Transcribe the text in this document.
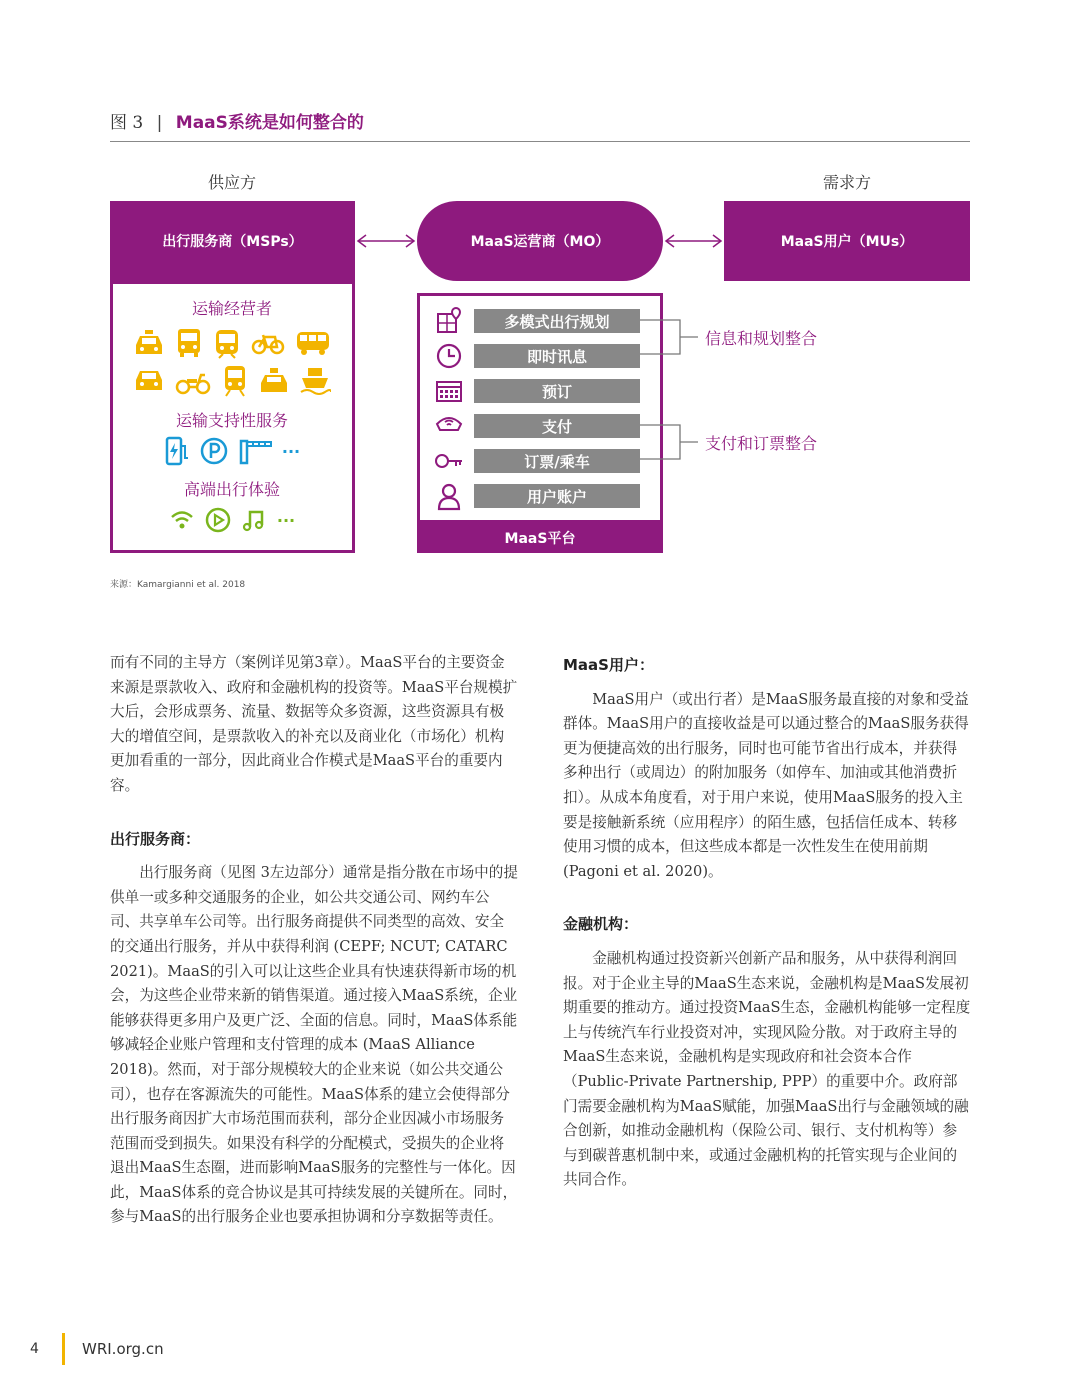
图 3 | MaaS系统是如何整合的
供应方	需求方
出行服务商（MSPs）	MaaS运营商（MO）	MaaS用户（MUs）
运输经营者
运输支持性服务
···
高端出行体验
···
MaaS平台
多模式出行规划
即时讯息
预订
支付
订票/乘车
用户账户
信息和规划整合
支付和订票整合
来源：Kamargianni et al. 2018

而有不同的主导方（案例详见第3章）。MaaS平台的主要资金来源是票款收入、政府和金融机构的投资等。MaaS平台规模扩大后，会形成票务、流量、数据等众多资源，这些资源具有极大的增值空间，是票款收入的补充以及商业化（市场化）机构更加看重的一部分，因此商业合作模式是MaaS平台的重要内容。

出行服务商：

出行服务商（见图 3左边部分）通常是指分散在市场中的提供单一或多种交通服务的企业，如公共交通公司、网约车公司、共享单车公司等。出行服务商提供不同类型的高效、安全的交通出行服务，并从中获得利润 (CEPF; NCUT; CATARC 2021)。MaaS的引入可以让这些企业具有快速获得新市场的机会，为这些企业带来新的销售渠道。通过接入MaaS系统，企业能够获得更多用户及更广泛、全面的信息。同时，MaaS体系能够减轻企业账户管理和支付管理的成本 (MaaS Alliance 2018)。然而，对于部分规模较大的企业来说（如公共交通公司），也存在客源流失的可能性。MaaS体系的建立会使得部分出行服务商因扩大市场范围而获利，部分企业因减小市场服务范围而受到损失。如果没有科学的分配模式，受损失的企业将退出MaaS生态圈，进而影响MaaS服务的完整性与一体化。因此，MaaS体系的竞合协议是其可持续发展的关键所在。同时，参与MaaS的出行服务企业也要承担协调和分享数据等责任。

MaaS用户：

MaaS用户（或出行者）是MaaS服务最直接的对象和受益群体。MaaS用户的直接收益是可以通过整合的MaaS服务获得更为便捷高效的出行服务，同时也可能节省出行成本，并获得多种出行（或周边）的附加服务（如停车、加油或其他消费折扣）。从成本角度看，对于用户来说，使用MaaS服务的投入主要是接触新系统（应用程序）的陌生感，包括信任成本、转移使用习惯的成本，但这些成本都是一次性发生在使用前期 (Pagoni et al. 2020)。

金融机构：

金融机构通过投资新兴创新产品和服务，从中获得利润回报。对于企业主导的MaaS生态来说，金融机构是MaaS发展初期重要的推动方。通过投资MaaS生态，金融机构能够一定程度上与传统汽车行业投资对冲，实现风险分散。对于政府主导的MaaS生态来说，金融机构是实现政府和社会资本合作（Public-Private Partnership, PPP）的重要中介。政府部门需要金融机构为MaaS赋能，加强MaaS出行与金融领域的融合创新，如推动金融机构（保险公司、银行、支付机构等）参与到碳普惠机制中来，或通过金融机构的托管实现与企业间的共同合作。

4	WRI.org.cn
